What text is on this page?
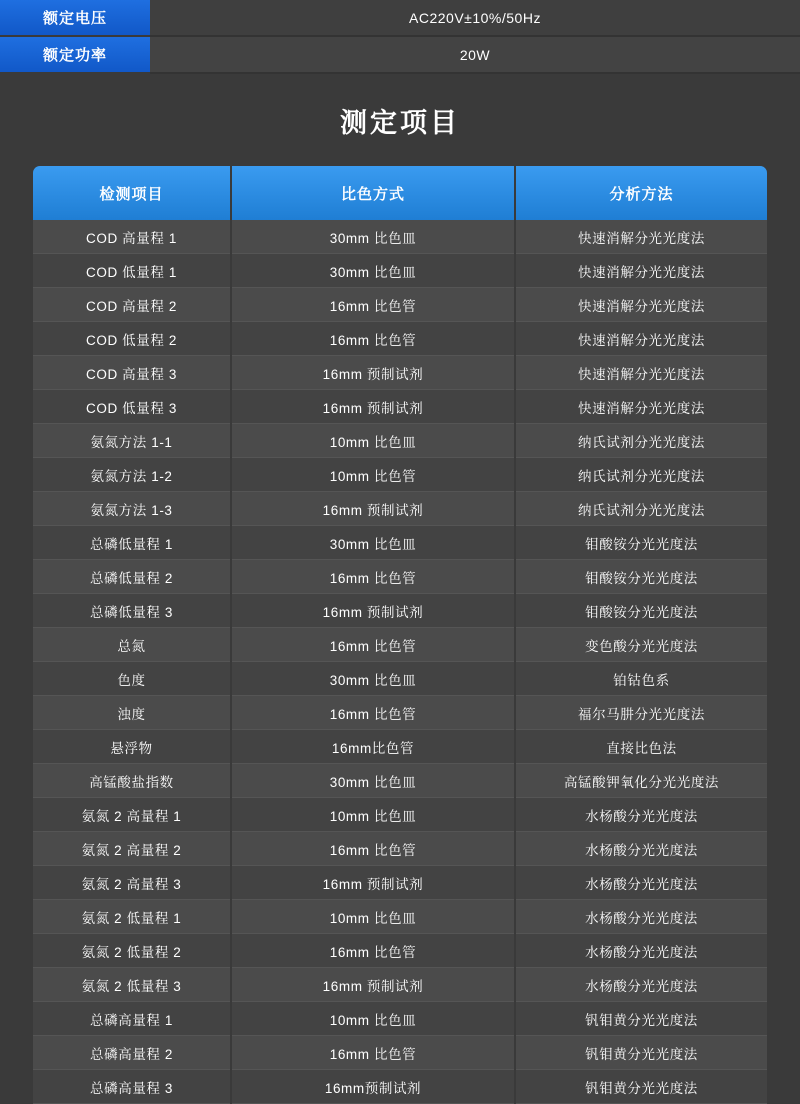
额定电压	AC220V±10%/50Hz
额定功率	20W
测定项目
检测项目	比色方式	分析方法
COD 高量程 1	30mm 比色皿	快速消解分光光度法
COD 低量程 1	30mm 比色皿	快速消解分光光度法
COD 高量程 2	16mm 比色管	快速消解分光光度法
COD 低量程 2	16mm 比色管	快速消解分光光度法
COD 高量程 3	16mm 预制试剂	快速消解分光光度法
COD 低量程 3	16mm 预制试剂	快速消解分光光度法
氨氮方法 1-1	10mm 比色皿	纳氏试剂分光光度法
氨氮方法 1-2	10mm 比色管	纳氏试剂分光光度法
氨氮方法 1-3	16mm 预制试剂	纳氏试剂分光光度法
总磷低量程 1	30mm 比色皿	钼酸铵分光光度法
总磷低量程 2	16mm 比色管	钼酸铵分光光度法
总磷低量程 3	16mm 预制试剂	钼酸铵分光光度法
总氮	16mm 比色管	变色酸分光光度法
色度	30mm 比色皿	铂钴色系
浊度	16mm 比色管	福尔马肼分光光度法
悬浮物	16mm比色管	直接比色法
高锰酸盐指数	30mm 比色皿	高锰酸钾氧化分光光度法
氨氮 2 高量程 1	10mm 比色皿	水杨酸分光光度法
氨氮 2 高量程 2	16mm 比色管	水杨酸分光光度法
氨氮 2 高量程 3	16mm 预制试剂	水杨酸分光光度法
氨氮 2 低量程 1	10mm 比色皿	水杨酸分光光度法
氨氮 2 低量程 2	16mm 比色管	水杨酸分光光度法
氨氮 2 低量程 3	16mm 预制试剂	水杨酸分光光度法
总磷高量程 1	10mm 比色皿	钒钼黄分光光度法
总磷高量程 2	16mm 比色管	钒钼黄分光光度法
总磷高量程 3	16mm预制试剂	钒钼黄分光光度法
